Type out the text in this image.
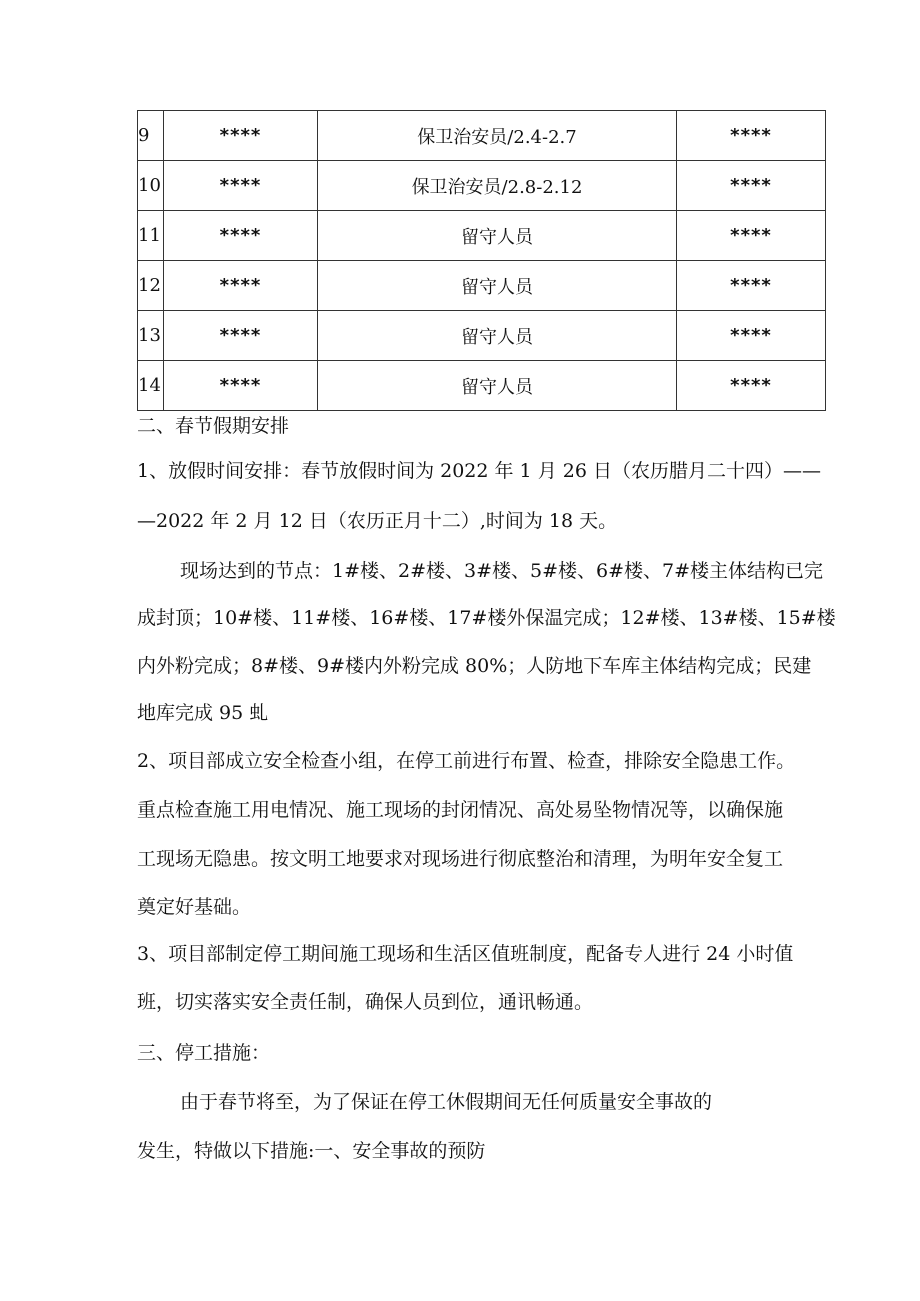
9	****	保卫治安员/2.4-2.7	****
10	****	保卫治安员/2.8-2.12	****
11	****	留守人员	****
12	****	留守人员	****
13	****	留守人员	****
14	****	留守人员	****
二、春节假期安排
1、放假时间安排：春节放假时间为 2022 年 1 月 26 日（农历腊月二十四）——
—2022 年 2 月 12 日（农历正月十二）,时间为 18 天。
现场达到的节点：1#楼、2#楼、3#楼、5#楼、6#楼、7#楼主体结构已完
成封顶；10#楼、11#楼、16#楼、17#楼外保温完成；12#楼、13#楼、15#楼
内外粉完成；8#楼、9#楼内外粉完成 80%；人防地下车库主体结构完成；民建
地库完成 95 虬
2、项目部成立安全检查小组，在停工前进行布置、检查，排除安全隐患工作。
重点检查施工用电情况、施工现场的封闭情况、高处易坠物情况等，以确保施
工现场无隐患。按文明工地要求对现场进行彻底整治和清理，为明年安全复工
奠定好基础。
3、项目部制定停工期间施工现场和生活区值班制度，配备专人进行 24 小时值
班，切实落实安全责任制，确保人员到位，通讯畅通。
三、停工措施：
由于春节将至，为了保证在停工休假期间无任何质量安全事故的
发生，特做以下措施:一、安全事故的预防
